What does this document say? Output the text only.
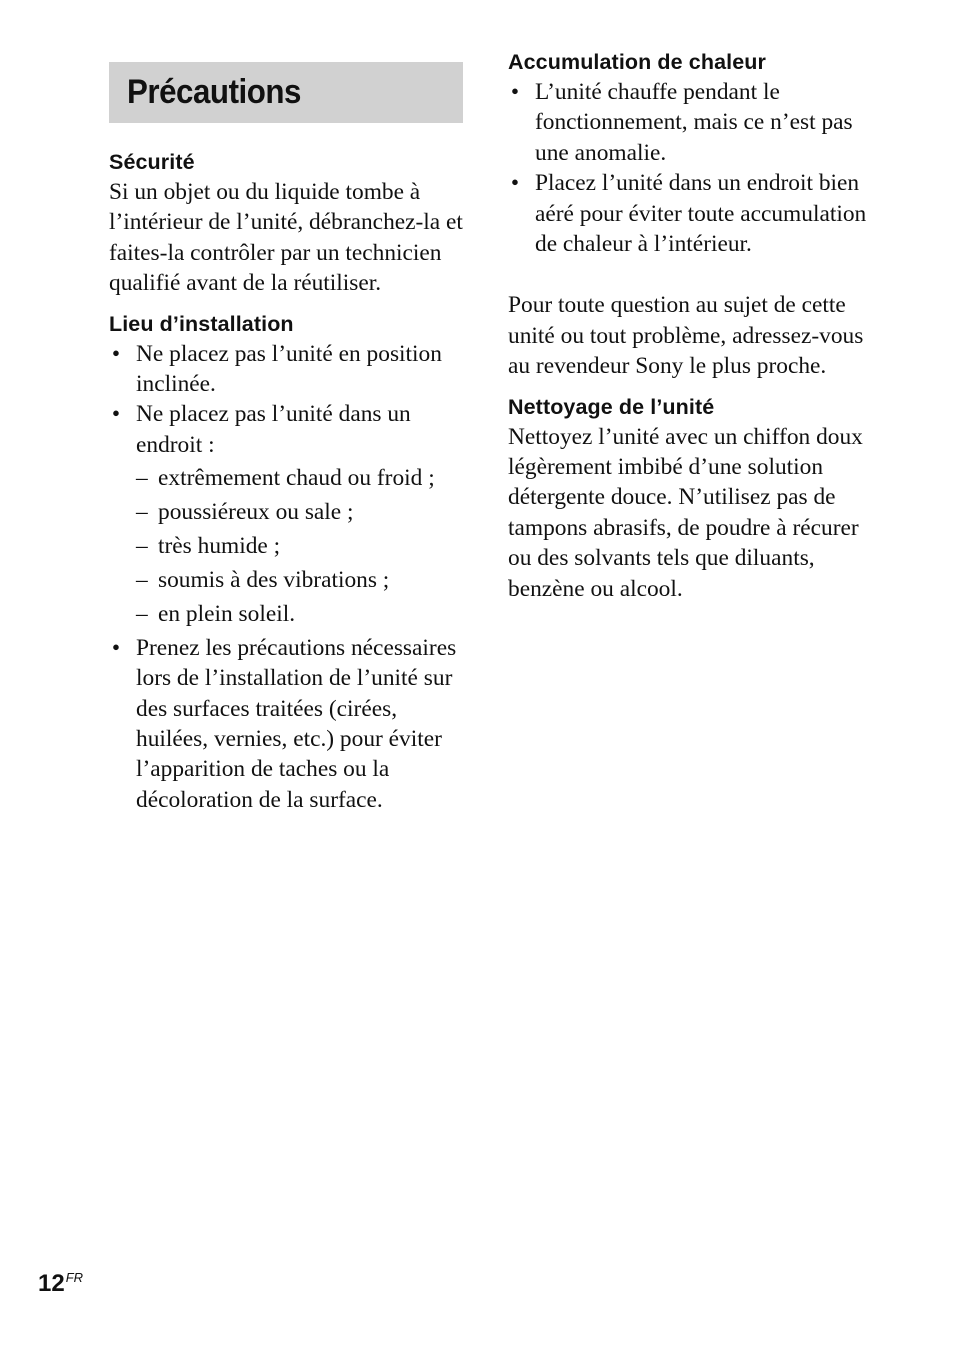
Précautions
Sécurité

Si un objet ou du liquide tombe à l’intérieur de l’unité, débranchez-la et faites-la contrôler par un technicien qualifié avant de la réutiliser.

Lieu d’installation
• Ne placez pas l’unité en position inclinée.
• Ne placez pas l’unité dans un endroit :
– extrêmement chaud ou froid ;
– poussiéreux ou sale ;
– très humide ;
– soumis à des vibrations ;
– en plein soleil.
• Prenez les précautions nécessaires lors de l’installation de l’unité sur des surfaces traitées (cirées, huilées, vernies, etc.) pour éviter l’apparition de taches ou la décoloration de la surface.
Accumulation de chaleur
• L’unité chauffe pendant le fonctionnement, mais ce n’est pas une anomalie.
• Placez l’unité dans un endroit bien aéré pour éviter toute accumulation de chaleur à l’intérieur.

Pour toute question au sujet de cette unité ou tout problème, adressez-vous au revendeur Sony le plus proche.

Nettoyage de l’unité

Nettoyez l’unité avec un chiffon doux légèrement imbibé d’une solution détergente douce. N’utilisez pas de tampons abrasifs, de poudre à récurer ou des solvants tels que diluants, benzène ou alcool.

$12^{FR}$
